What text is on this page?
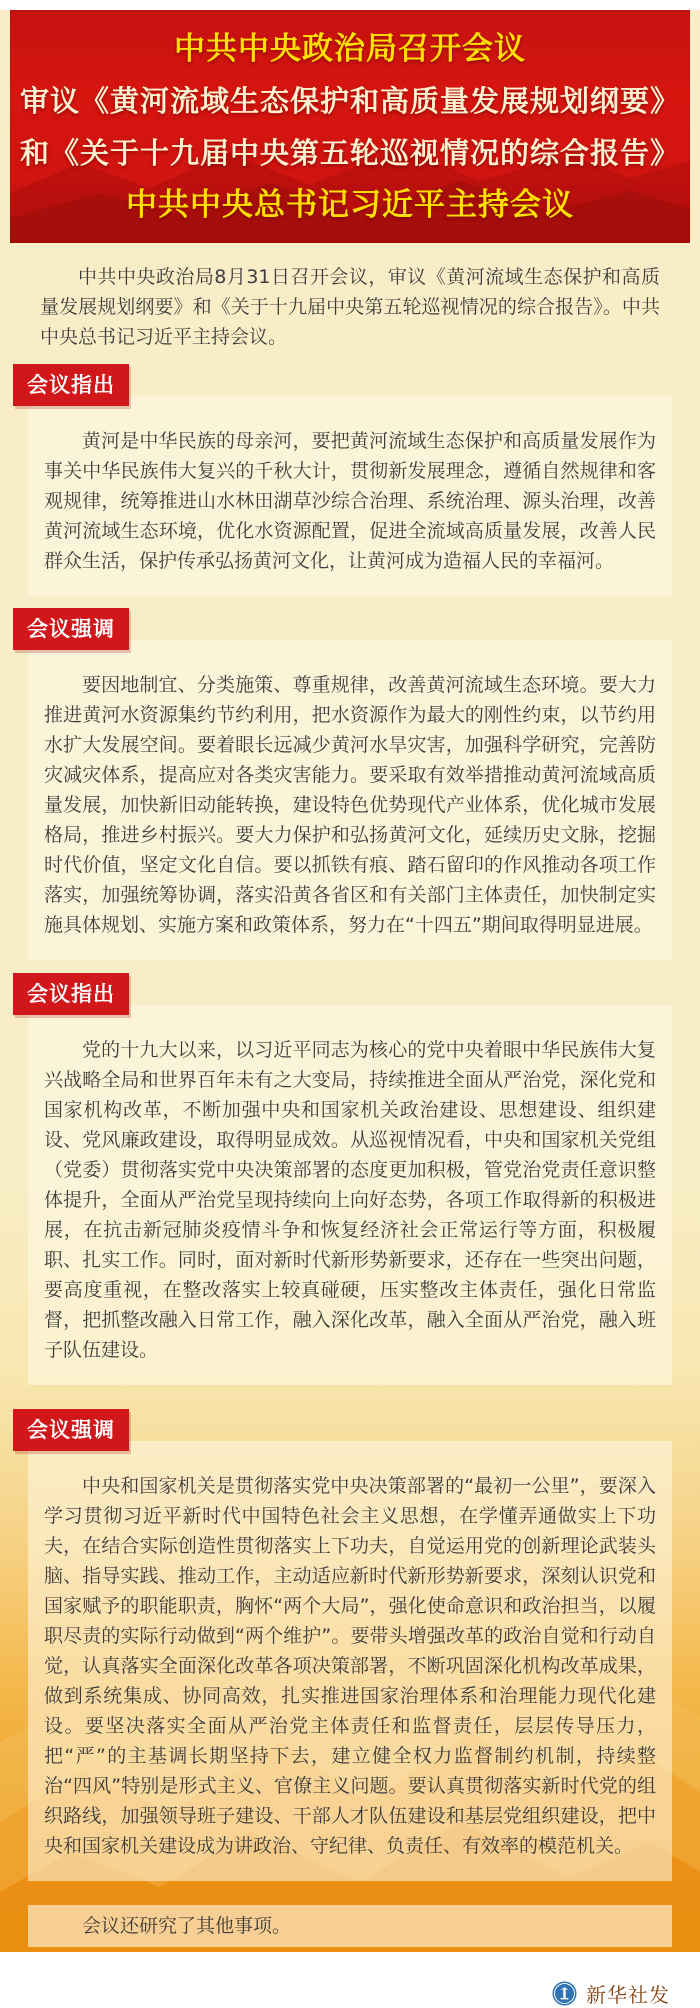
中共中央政治局召开会议
审议《黄河流域生态保护和高质量发展规划纲要》
和《关于十九届中央第五轮巡视情况的综合报告》
中共中央总书记习近平主持会议

中共中央政治局8月31日召开会议，审议《黄河流域生态保护和高质量发展规划纲要》和《关于十九届中央第五轮巡视情况的综合报告》。中共中央总书记习近平主持会议。

会议指出

黄河是中华民族的母亲河，要把黄河流域生态保护和高质量发展作为事关中华民族伟大复兴的千秋大计，贯彻新发展理念，遵循自然规律和客观规律，统筹推进山水林田湖草沙综合治理、系统治理、源头治理，改善黄河流域生态环境，优化水资源配置，促进全流域高质量发展，改善人民群众生活，保护传承弘扬黄河文化，让黄河成为造福人民的幸福河。

会议强调

要因地制宜、分类施策、尊重规律，改善黄河流域生态环境。要大力推进黄河水资源集约节约利用，把水资源作为最大的刚性约束，以节约用水扩大发展空间。要着眼长远减少黄河水旱灾害，加强科学研究，完善防灾减灾体系，提高应对各类灾害能力。要采取有效举措推动黄河流域高质量发展，加快新旧动能转换，建设特色优势现代产业体系，优化城市发展格局，推进乡村振兴。要大力保护和弘扬黄河文化，延续历史文脉，挖掘时代价值，坚定文化自信。要以抓铁有痕、踏石留印的作风推动各项工作落实，加强统筹协调，落实沿黄各省区和有关部门主体责任，加快制定实施具体规划、实施方案和政策体系，努力在“十四五”期间取得明显进展。

会议指出

党的十九大以来，以习近平同志为核心的党中央着眼中华民族伟大复兴战略全局和世界百年未有之大变局，持续推进全面从严治党，深化党和国家机构改革，不断加强中央和国家机关政治建设、思想建设、组织建设、党风廉政建设，取得明显成效。从巡视情况看，中央和国家机关党组（党委）贯彻落实党中央决策部署的态度更加积极，管党治党责任意识整体提升，全面从严治党呈现持续向上向好态势，各项工作取得新的积极进展，在抗击新冠肺炎疫情斗争和恢复经济社会正常运行等方面，积极履职、扎实工作。同时，面对新时代新形势新要求，还存在一些突出问题，要高度重视，在整改落实上较真碰硬，压实整改主体责任，强化日常监督，把抓整改融入日常工作，融入深化改革，融入全面从严治党，融入班子队伍建设。

会议强调

中央和国家机关是贯彻落实党中央决策部署的“最初一公里”，要深入学习贯彻习近平新时代中国特色社会主义思想，在学懂弄通做实上下功夫，在结合实际创造性贯彻落实上下功夫，自觉运用党的创新理论武装头脑、指导实践、推动工作，主动适应新时代新形势新要求，深刻认识党和国家赋予的职能职责，胸怀“两个大局”，强化使命意识和政治担当，以履职尽责的实际行动做到“两个维护”。要带头增强改革的政治自觉和行动自觉，认真落实全面深化改革各项决策部署，不断巩固深化机构改革成果，做到系统集成、协同高效，扎实推进国家治理体系和治理能力现代化建设。要坚决落实全面从严治党主体责任和监督责任，层层传导压力，把“严”的主基调长期坚持下去，建立健全权力监督制约机制，持续整治“四风”特别是形式主义、官僚主义问题。要认真贯彻落实新时代党的组织路线，加强领导班子建设、干部人才队伍建设和基层党组织建设，把中央和国家机关建设成为讲政治、守纪律、负责任、有效率的模范机关。

会议还研究了其他事项。

新华社发
